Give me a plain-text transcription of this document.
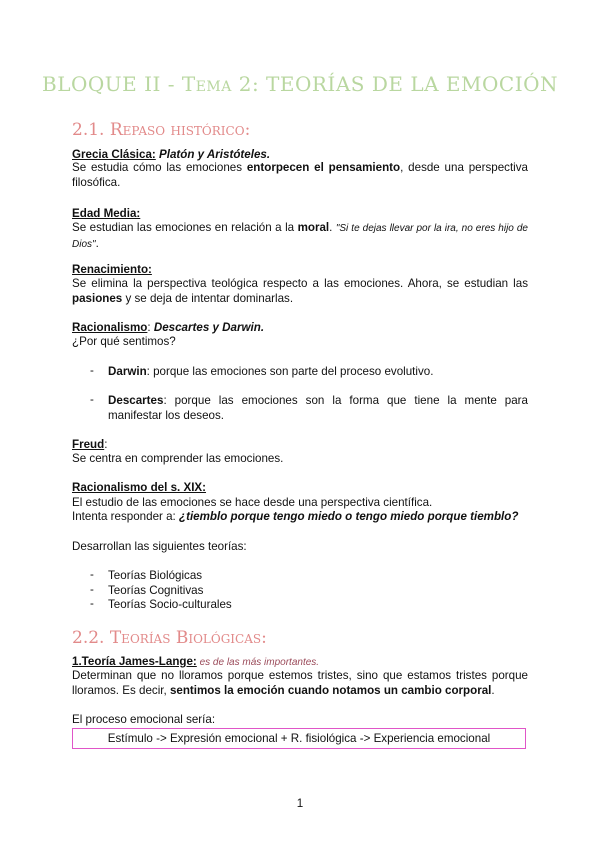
BLOQUE II - Tema 2: TEORÍAS DE LA EMOCIÓN
2.1. Repaso histórico:
Grecia Clásica: Platón y Aristóteles.
Se estudia cómo las emociones entorpecen el pensamiento, desde una perspectiva filosófica.
Edad Media:
Se estudian las emociones en relación a la moral. "Si te dejas llevar por la ira, no eres hijo de Dios".
Renacimiento:
Se elimina la perspectiva teológica respecto a las emociones. Ahora, se estudian las pasiones y se deja de intentar dominarlas.
Racionalismo: Descartes y Darwin.
¿Por qué sentimos?
- Darwin: porque las emociones son parte del proceso evolutivo.
- Descartes: porque las emociones son la forma que tiene la mente para manifestar los deseos.
Freud:
Se centra en comprender las emociones.
Racionalismo del s. XIX:
El estudio de las emociones se hace desde una perspectiva científica.
Intenta responder a: ¿tiemblo porque tengo miedo o tengo miedo porque tiemblo?
Desarrollan las siguientes teorías:
- Teorías Biológicas
- Teorías Cognitivas
- Teorías Socio-culturales
2.2. Teorías Biológicas:
1.Teoría James-Lange: es de las más importantes.
Determinan que no lloramos porque estemos tristes, sino que estamos tristes porque lloramos. Es decir, sentimos la emoción cuando notamos un cambio corporal.
El proceso emocional sería:
Estímulo -> Expresión emocional + R. fisiológica -> Experiencia emocional
1
